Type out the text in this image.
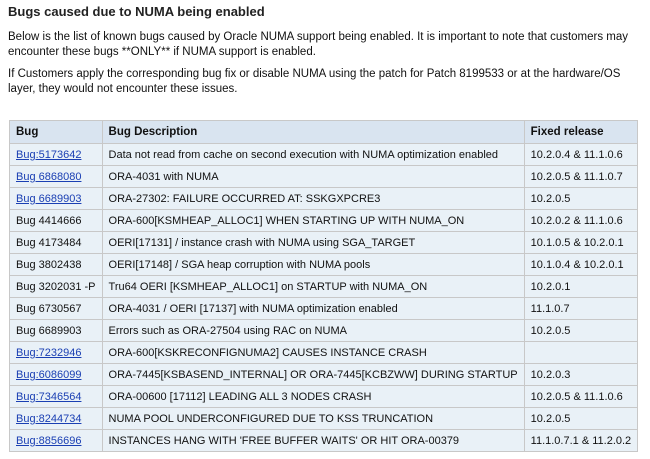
Bugs caused due to NUMA being enabled
Below is the list of known bugs caused by Oracle NUMA support being enabled. It is important to note that customers may encounter these bugs **ONLY** if NUMA support is enabled.
If Customers apply the corresponding bug fix or disable NUMA using the patch for Patch 8199533 or at the hardware/OS layer, they would not encounter these issues.
Bug	Bug Description	Fixed release
Bug:5173642	Data not read from cache on second execution with NUMA optimization enabled	10.2.0.4 & 11.1.0.6
Bug 6868080	ORA-4031 with NUMA	10.2.0.5 & 11.1.0.7
Bug 6689903	ORA-27302: FAILURE OCCURRED AT: SSKGXPCRE3	10.2.0.5
Bug 4414666	ORA-600[KSMHEAP_ALLOC1] WHEN STARTING UP WITH NUMA_ON	10.2.0.2 & 11.1.0.6
Bug 4173484	OERI[17131] / instance crash with NUMA using SGA_TARGET	10.1.0.5 & 10.2.0.1
Bug 3802438	OERI[17148] / SGA heap corruption with NUMA pools	10.1.0.4 & 10.2.0.1
Bug 3202031 -P	Tru64 OERI [KSMHEAP_ALLOC1] on STARTUP with NUMA_ON	10.2.0.1
Bug 6730567	ORA-4031 / OERI [17137] with NUMA optimization enabled	11.1.0.7
Bug 6689903	Errors such as ORA-27504 using RAC on NUMA	10.2.0.5
Bug:7232946	ORA-600[KSKRECONFIGNUMA2] CAUSES INSTANCE CRASH	
Bug:6086099	ORA-7445[KSBASEND_INTERNAL] OR ORA-7445[KCBZWW] DURING STARTUP	10.2.0.3
Bug:7346564	ORA-00600 [17112] LEADING ALL 3 NODES CRASH	10.2.0.5 & 11.1.0.6
Bug:8244734	NUMA POOL UNDERCONFIGURED DUE TO KSS TRUNCATION	10.2.0.5
Bug:8856696	INSTANCES HANG WITH 'FREE BUFFER WAITS' OR HIT ORA-00379	11.1.0.7.1 & 11.2.0.2
